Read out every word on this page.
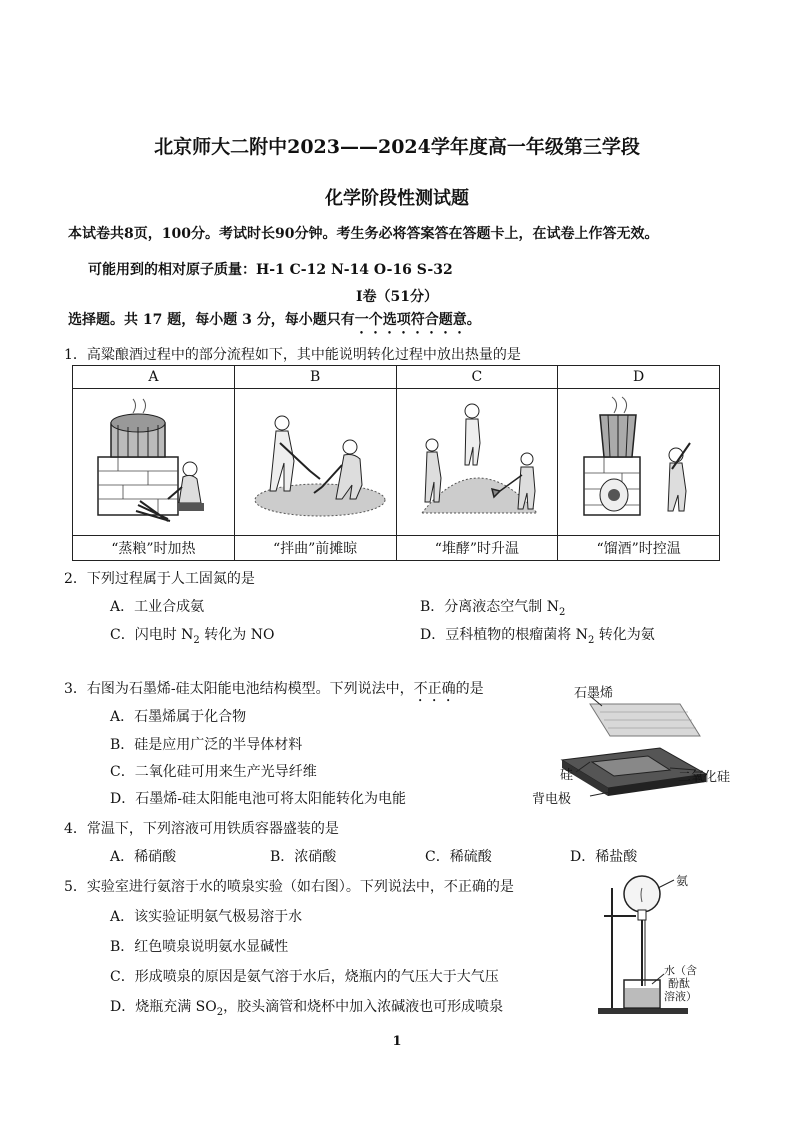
北京师大二附中2023——2024学年度高一年级第三学段
化学阶段性测试题
本试卷共8页，100分。考试时长90分钟。考生务必将答案答在答题卡上，在试卷上作答无效。
可能用到的相对原子质量：H-1 C-12 N-14 O-16 S-32
I卷（51分）
选择题。共 17 题，每小题 3 分，每小题只有一个选项符合题意。
1．高粱酿酒过程中的部分流程如下，其中能说明转化过程中放出热量的是
A	B	C	D

“蒸粮”时加热	“拌曲”前摊晾	“堆酵”时升温	“馏酒”时控温
2．下列过程属于人工固氮的是
A．工业合成氨	B．分离液态空气制 $N_2$
C．闪电时 $N_2$ 转化为 NO	D．豆科植物的根瘤菌将 $N_2$ 转化为氨
3．右图为石墨烯-硅太阳能电池结构模型。下列说法中，不正确的是
A．石墨烯属于化合物
B．硅是应用广泛的半导体材料
C．二氧化硅可用来生产光导纤维
D．石墨烯-硅太阳能电池可将太阳能转化为电能
石墨烯
硅	二氧化硅
背电极
4．常温下，下列溶液可用铁质容器盛装的是
A．稀硝酸	B．浓硝酸	C．稀硫酸	D．稀盐酸
5．实验室进行氨溶于水的喷泉实验（如右图）。下列说法中，不正确的是
A．该实验证明氨气极易溶于水
B．红色喷泉说明氨水显碱性
C．形成喷泉的原因是氨气溶于水后，烧瓶内的气压大于大气压
D．烧瓶充满 $SO_2$，胶头滴管和烧杯中加入浓碱液也可形成喷泉
氨
水（含
酚酞
溶液）
1
